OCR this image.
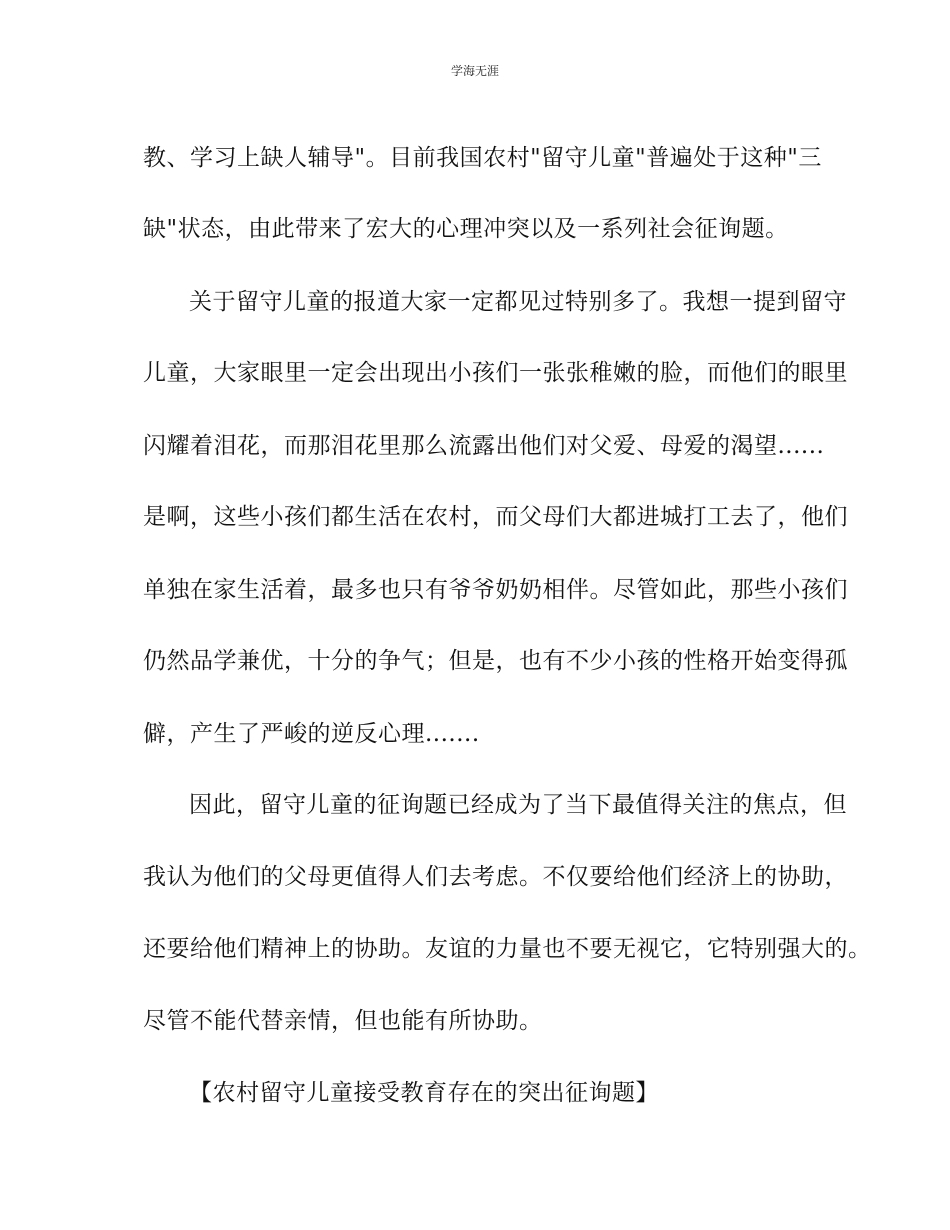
学海无涯
教、学习上缺人辅导"。目前我国农村"留守儿童"普遍处于这种"三
缺"状态，由此带来了宏大的心理冲突以及一系列社会征询题。
关于留守儿童的报道大家一定都见过特别多了。我想一提到留守
儿童，大家眼里一定会出现出小孩们一张张稚嫩的脸，而他们的眼里
闪耀着泪花，而那泪花里那么流露出他们对父爱、母爱的渴望......
是啊，这些小孩们都生活在农村，而父母们大都进城打工去了，他们
单独在家生活着，最多也只有爷爷奶奶相伴。尽管如此，那些小孩们
仍然品学兼优，十分的争气；但是，也有不少小孩的性格开始变得孤
僻，产生了严峻的逆反心理.......
因此，留守儿童的征询题已经成为了当下最值得关注的焦点，但
我认为他们的父母更值得人们去考虑。不仅要给他们经济上的协助，
还要给他们精神上的协助。友谊的力量也不要无视它，它特别强大的。
尽管不能代替亲情，但也能有所协助。
【农村留守儿童接受教育存在的突出征询题】
